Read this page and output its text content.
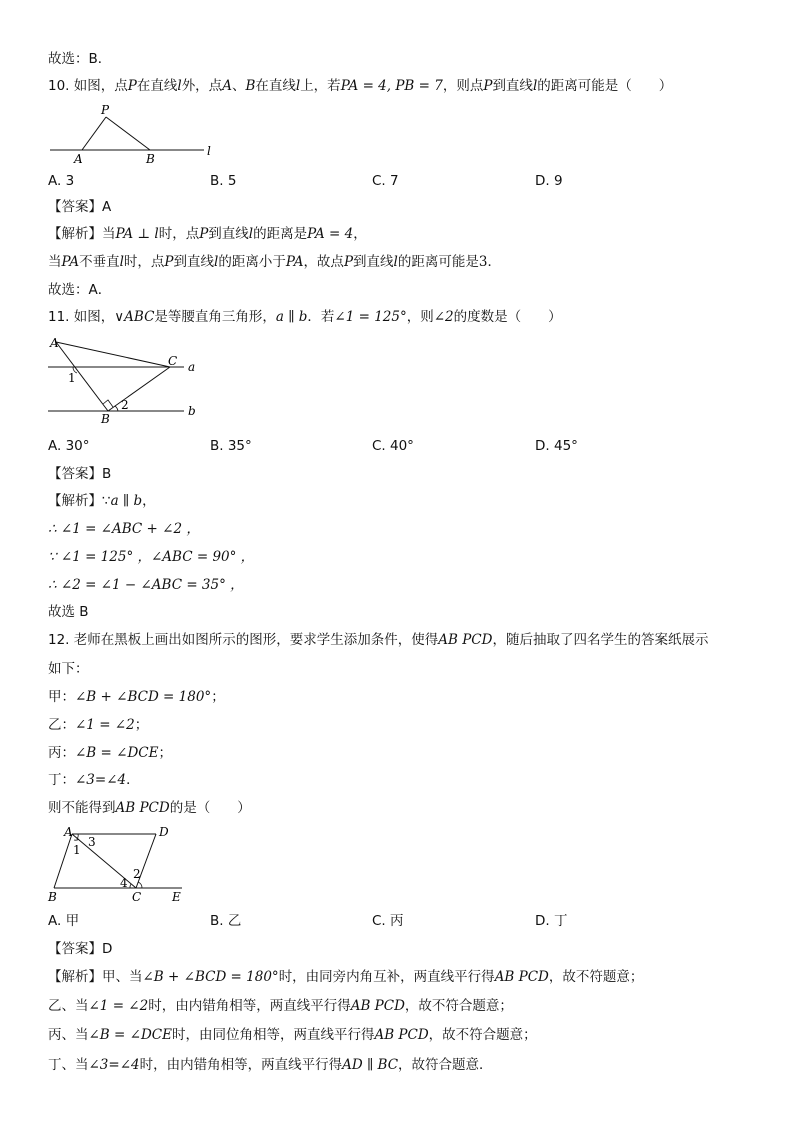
故选：B．
10. 如图，点P在直线l外，点A、B在直线l上，若PA = 4, PB = 7，则点P到直线l的距离可能是（　　）
P
A	B
l
A. 3	B. 5	C. 7	D. 9
【答案】A
【解析】当PA ⊥ l时，点P到直线l的距离是PA = 4，
当PA不垂直l时，点P到直线l的距离小于PA，故点P到直线l的距离可能是3．
故选：A．
11. 如图，∨ABC是等腰直角三角形，a ∥ b．若∠1 = 125°，则∠2的度数是（　　）
A
C a
1
B
2	b
A. 30°	B. 35°	C. 40°	D. 45°
【答案】B
【解析】∵a ∥ b，
∴ ∠1 = ∠ABC + ∠2 ，
∵ ∠1 = 125° ，∠ABC = 90° ，
∴ ∠2 = ∠1 − ∠ABC = 35° ，
故选 B
12. 老师在黑板上画出如图所示的图形，要求学生添加条件，使得AB PCD，随后抽取了四名学生的答案纸展示
如下：
甲：∠B + ∠BCD = 180°；
乙：∠1 = ∠2；
丙：∠B = ∠DCE；
丁：∠3=∠4．
则不能得到AB PCD的是（　　）
A	D
3
1
2
4
B	C	E
A. 甲	B. 乙	C. 丙	D. 丁
【答案】D
【解析】甲、当∠B + ∠BCD = 180°时，由同旁内角互补，两直线平行得AB PCD，故不符题意；
乙、当∠1 = ∠2时，由内错角相等，两直线平行得AB PCD，故不符合题意；
丙、当∠B = ∠DCE时，由同位角相等，两直线平行得AB PCD，故不符合题意；
丁、当∠3=∠4时，由内错角相等，两直线平行得AD ∥ BC，故符合题意．
